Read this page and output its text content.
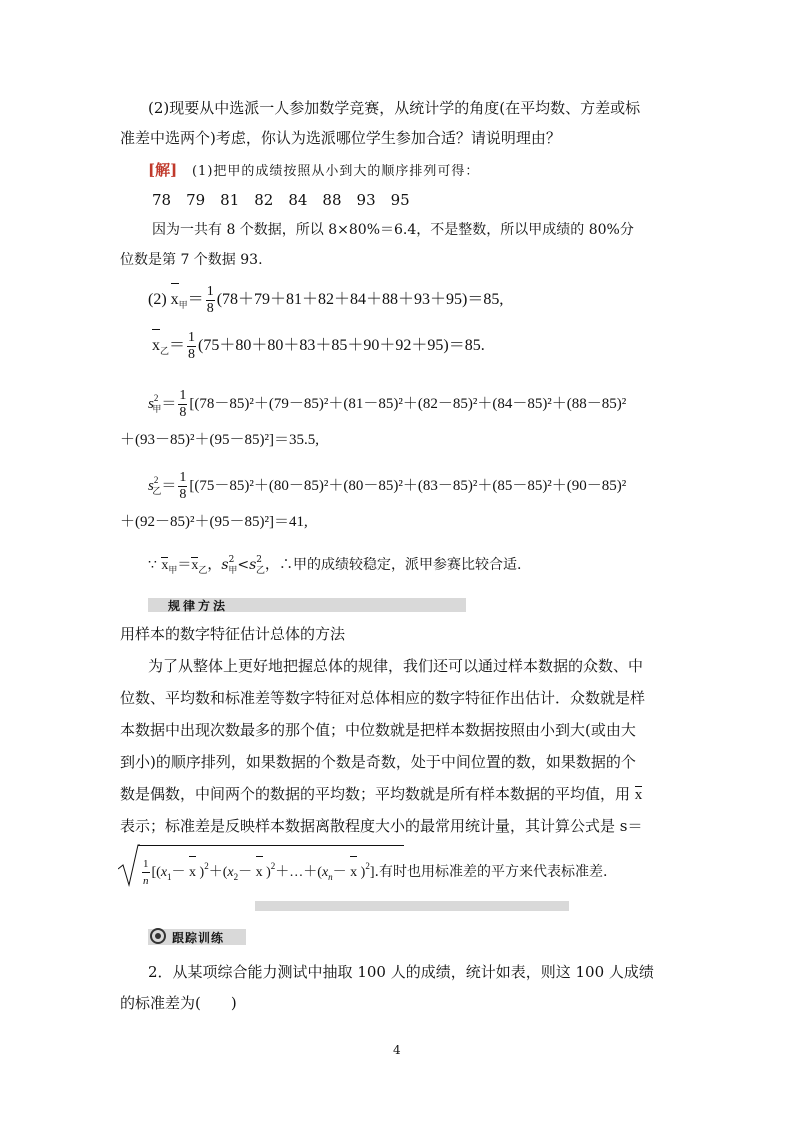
(2)现要从中选派一人参加数学竞赛，从统计学的角度(在平均数、方差或标
准差中选两个)考虑，你认为选派哪位学生参加合适？请说明理由？
[解] (1)把甲的成绩按照从小到大的顺序排列可得：
78　79　81　82　84　88　93　95
因为一共有 8 个数据，所以 8×80%＝6.4，不是整数，所以甲成绩的 80%分
位数是第 7 个数据 93.
(2) $x_甲= \frac{1}{8} (78+79+81+82+84+88+93+95)=85$,
$x_乙= \frac{1}{8} (75+80+80+83+85+90+92+95)=85$.
$s^2_甲= \frac{1}{8} [(78-85)^2+(79-85)^2+(81-85)^2+(82-85)^2+(84-85)^2+(88-85)^2$
＋(93－85)²＋(95－85)²]＝35.5,
$s^2_乙= \frac{1}{8} [(75-85)^2+(80-85)^2+(80-85)^2+(83-85)^2+(85-85)^2+(90-85)^2$
＋(92－85)²＋(95－85)²]＝41,
∵ $x_甲=x_乙$，$s^2_甲<s^2_乙$，∴甲的成绩较稳定，派甲参赛比较合适.
规律方法
用样本的数字特征估计总体的方法
为了从整体上更好地把握总体的规律，我们还可以通过样本数据的众数、中
位数、平均数和标准差等数字特征对总体相应的数字特征作出估计．众数就是样
本数据中出现次数最多的那个值；中位数就是把样本数据按照由小到大(或由大
到小)的顺序排列，如果数据的个数是奇数，处于中间位置的数，如果数据的个
数是偶数，中间两个的数据的平均数；平均数就是所有样本数据的平均值，用 x
表示；标准差是反映样本数据离散程度大小的最常用统计量，其计算公式是 s＝
$\frac{1}{n} [(x_1- x$ )$^2+(x_2- x$ )$^2+\dots+(x_n- x$ )$^2$].有时也用标准差的平方来代表标准差.
跟踪训练
2．从某项综合能力测试中抽取 100 人的成绩，统计如表，则这 100 人成绩
的标准差为(　　)
4
